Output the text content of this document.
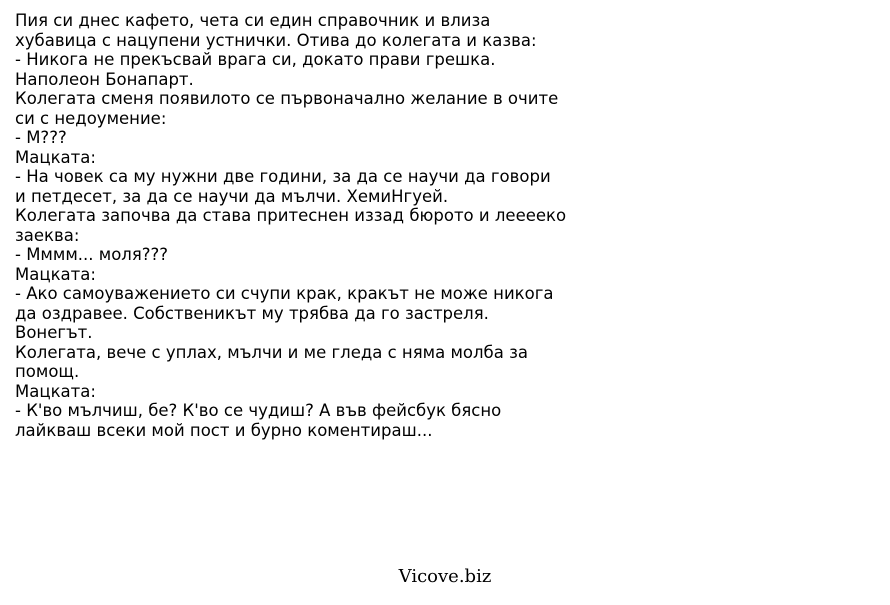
Пия си днес кафето, чета си един справочник и влиза
хубавица с нацупени устнички. Отива до колегата и казва:
- Никога не прекъсвай врага си, докато прави грешка.
Наполеон Бонапарт.
Колегата сменя появилото се първоначално желание в очите
си с недоумение:
- М???
Мацката:
- На човек са му нужни две години, за да се научи да говори
и петдесет, за да се научи да мълчи. ХемиНгуей.
Колегата започва да става притеснен иззад бюрото и лееееко
заеква:
- Мммм... моля???
Мацката:
- Ако самоуважението си счупи крак, кракът не може никога
да оздравее. Собственикът му трябва да го застреля.
Вонегът.
Колегата, вече с уплах, мълчи и ме гледа с няма молба за
помощ.
Мацката:
- К'во мълчиш, бе? К'во се чудиш? А във фейсбук бясно
лайкваш всеки мой пост и бурно коментираш...
Vicove.biz
